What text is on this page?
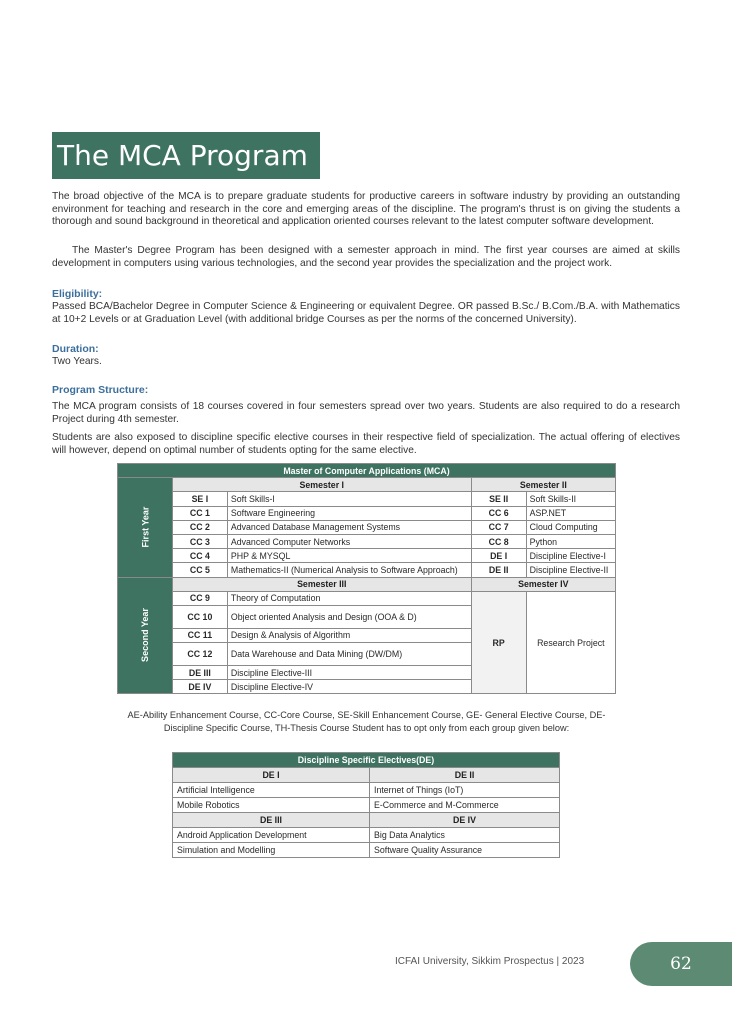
The MCA Program

The broad objective of the MCA is to prepare graduate students for productive careers in software industry by providing an outstanding environment for teaching and research in the core and emerging areas of the discipline. The program's thrust is on giving the students a thorough and sound background in theoretical and application oriented courses relevant to the latest computer software development.

The Master's Degree Program has been designed with a semester approach in mind. The first year courses are aimed at skills development in computers using various technologies, and the second year provides the specialization and the project work.

Eligibility:

Passed BCA/Bachelor Degree in Computer Science & Engineering or equivalent Degree. OR passed B.Sc./ B.Com./B.A. with Mathematics at 10+2 Levels or at Graduation Level (with additional bridge Courses as per the norms of the concerned University).

Duration:

Two Years.

Program Structure:

The MCA program consists of 18 courses covered in four semesters spread over two years. Students are also required to do a research Project during 4th semester.

Students are also exposed to discipline specific elective courses in their respective field of specialization. The actual offering of electives will however, depend on optimal number of students opting for the same elective.

Master of Computer Applications (MCA)				
First Year	Semester I		Semester II	
	SE I	Soft Skills-I	SE II	Soft Skills-II
	CC 1	Software Engineering	CC 6	ASP.NET
	CC 2	Advanced Database Management Systems	CC 7	Cloud Computing
	CC 3	Advanced Computer Networks	CC 8	Python
	CC 4	PHP & MYSQL	DE I	Discipline Elective-I
	CC 5	Mathematics-II (Numerical Analysis to Software Approach)	DE II	Discipline Elective-II
Second Year	Semester III		Semester IV	
	CC 9	Theory of Computation	RP	Research Project
	CC 10	Object oriented Analysis and Design (OOA & D)		
	CC 11	Design & Analysis of Algorithm		
	CC 12	Data Warehouse and Data Mining (DW/DM)		
	DE III	Discipline Elective-III		
	DE IV	Discipline Elective-IV		

AE-Ability Enhancement Course, CC-Core Course, SE-Skill Enhancement Course, GE- General Elective Course, DE-Discipline Specific Course, TH-Thesis Course Student has to opt only from each group given below:

Discipline Specific Electives(DE)	
DE I	DE II
Artificial Intelligence	Internet of Things (IoT)
Mobile Robotics	E-Commerce and M-Commerce
DE III	DE IV
Android Application Development	Big Data Analytics
Simulation and Modelling	Software Quality Assurance
ICFAI University, Sikkim Prospectus | 2023	62
